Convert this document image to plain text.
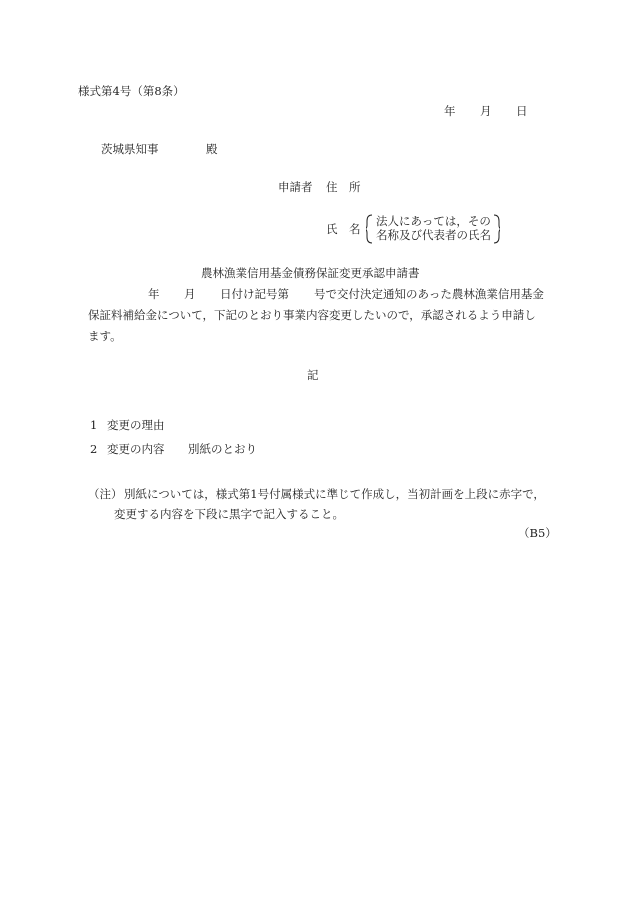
様式第4号（第8条）
年 月 日
茨城県知事	殿
申請者 住　所
氏　名
法人にあっては，その
名称及び代表者の氏名
農林漁業信用基金債務保証変更承認申請書
年 月 日付け記号第 号で交付決定通知のあった農林漁業信用基金
保証料補給金について，下記のとおり事業内容変更したいので，承認されるよう申請し
ます。
記
1 変更の理由
2 変更の内容 別紙のとおり
（注） 別紙については，様式第1号付属様式に準じて作成し，当初計画を上段に赤字で，
変更する内容を下段に黒字で記入すること。
（B5）
